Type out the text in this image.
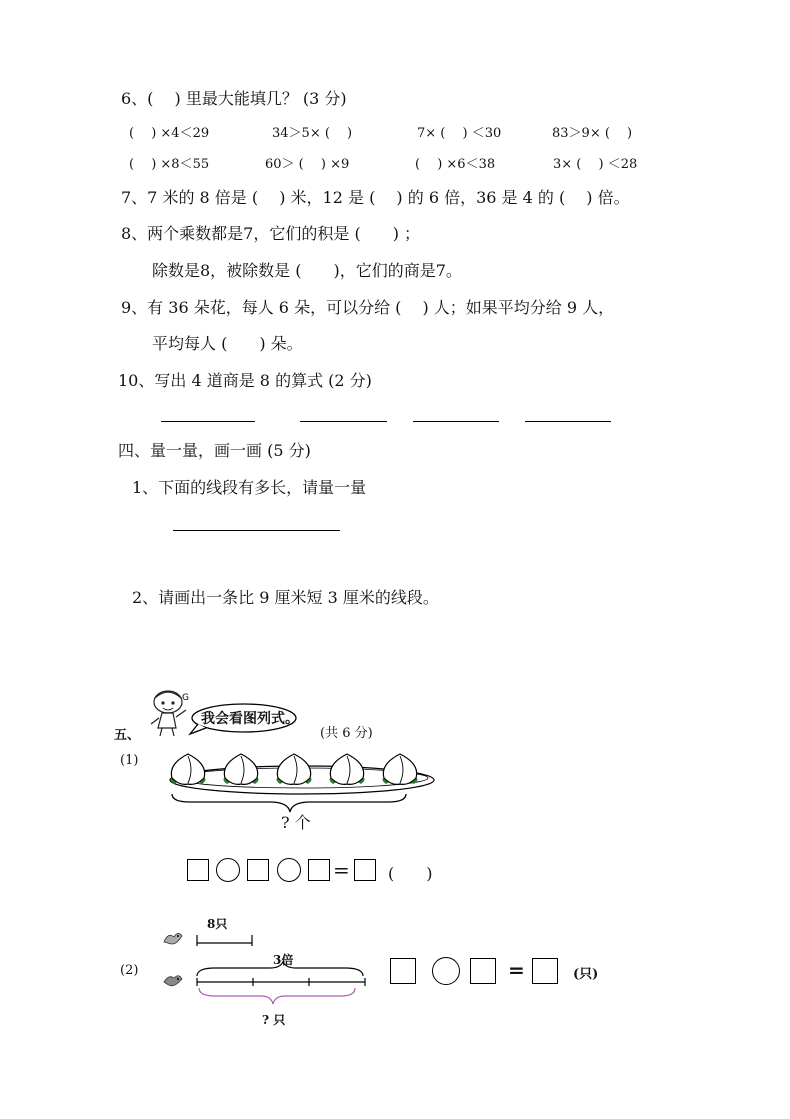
6、(　 ) 里最大能填几？ (3 分)
(　 ) ×4＜29	34＞5× (　 )	7× (　 ) ＜30	83＞9× (　 )
(　 ) ×8＜55	60＞ (　 ) ×9	(　 ) ×6＜38	3× (　 ) ＜28
7、7 米的 8 倍是 (　 ) 米，12 是 (　 ) 的 6 倍，36 是 4 的 (　 ) 倍。
8、两个乘数都是7，它们的积是 (　　) ；
除数是8，被除数是 (　　)，它们的商是7。
9、有 36 朵花，每人 6 朵，可以分给 (　 ) 人；如果平均分给 9 人，
平均每人 (　　) 朵。
10、写出 4 道商是 8 的算式 (2 分)
四、量一量，画一画 (5 分)
1、下面的线段有多长，请量一量
2、请画出一条比 9 厘米短 3 厘米的线段。
五、
G
我会看图列式。
(共 6 分)
(1)
? 个
= (　　)
8只
(2)
3倍
? 只
=	(只)
